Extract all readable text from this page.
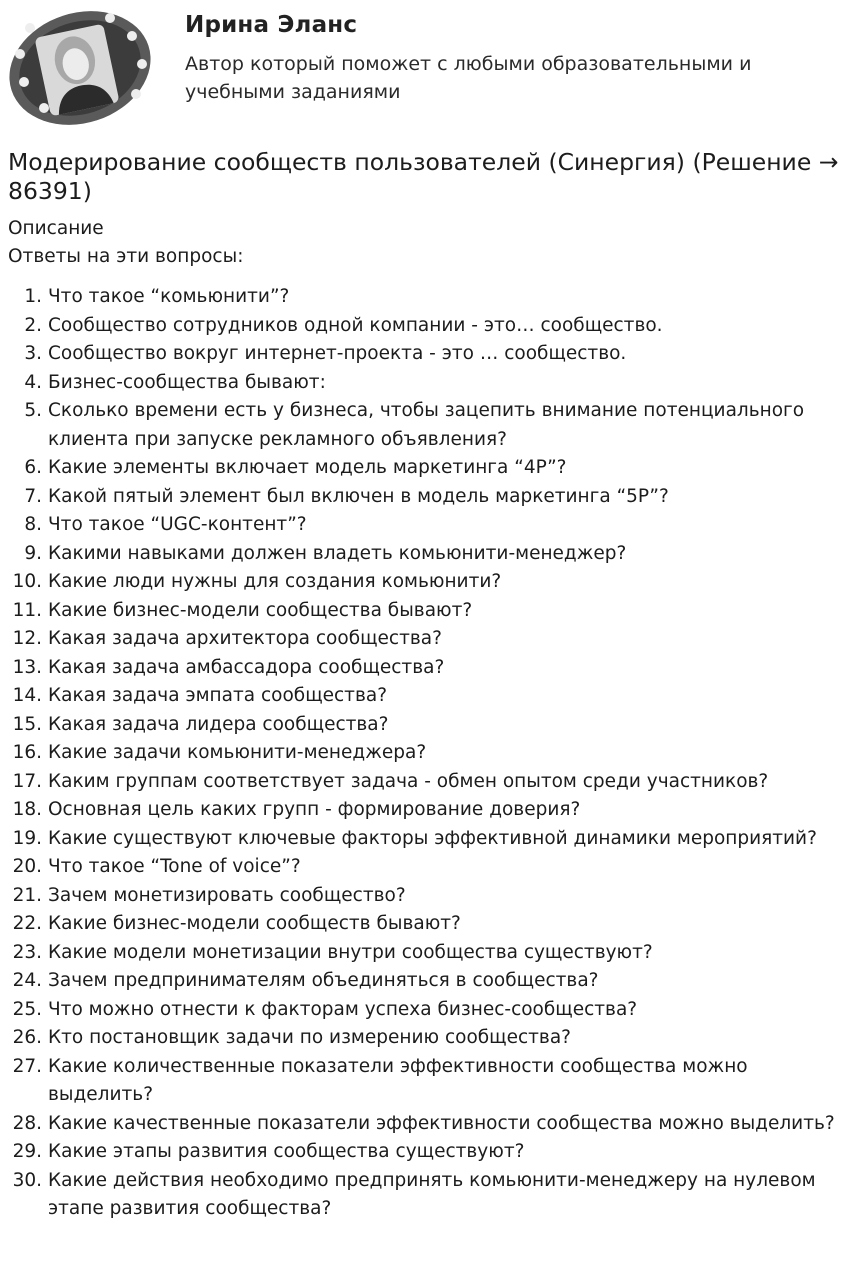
Ирина Эланс
Автор который поможет с любыми образовательными и учебными заданиями
Модерирование сообществ пользователей (Синергия) (Решение → 86391)
Описание
Ответы на эти вопросы:
1. Что такое “комьюнити”?
2. Сообщество сотрудников одной компании - это… сообщество.
3. Сообщество вокруг интернет-проекта - это … сообщество.
4. Бизнес-сообщества бывают:
5. Сколько времени есть у бизнеса, чтобы зацепить внимание потенциального клиента при запуске рекламного объявления?
6. Какие элементы включает модель маркетинга “4P”?
7. Какой пятый элемент был включен в модель маркетинга “5P”?
8. Что такое “UGC-контент”?
9. Какими навыками должен владеть комьюнити-менеджер?
10. Какие люди нужны для создания комьюнити?
11. Какие бизнес-модели сообщества бывают?
12. Какая задача архитектора сообщества?
13. Какая задача амбассадора сообщества?
14. Какая задача эмпата сообщества?
15. Какая задача лидера сообщества?
16. Какие задачи комьюнити-менеджера?
17. Каким группам соответствует задача - обмен опытом среди участников?
18. Основная цель каких групп - формирование доверия?
19. Какие существуют ключевые факторы эффективной динамики мероприятий?
20. Что такое “Tone of voice”?
21. Зачем монетизировать сообщество?
22. Какие бизнес-модели сообществ бывают?
23. Какие модели монетизации внутри сообщества существуют?
24. Зачем предпринимателям объединяться в сообщества?
25. Что можно отнести к факторам успеха бизнес-сообщества?
26. Кто постановщик задачи по измерению сообщества?
27. Какие количественные показатели эффективности сообщества можно выделить?
28. Какие качественные показатели эффективности сообщества можно выделить?
29. Какие этапы развития сообщества существуют?
30. Какие действия необходимо предпринять комьюнити-менеджеру на нулевом этапе развития сообщества?
